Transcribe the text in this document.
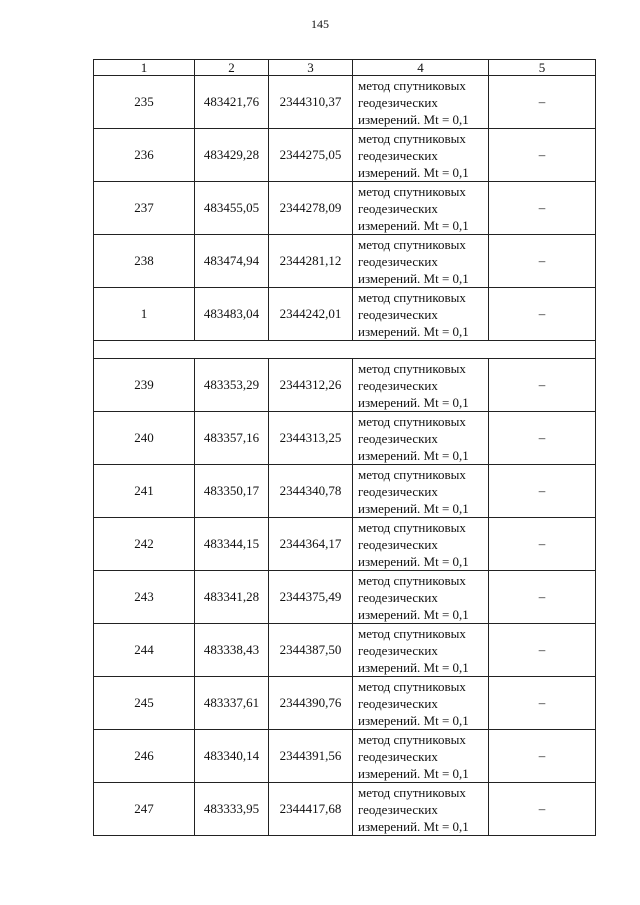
145
1	2	3	4	5
235	483421,76	2344310,37	метод спутниковых
геодезических
измерений. Mt = 0,1	–
236	483429,28	2344275,05	метод спутниковых
геодезических
измерений. Mt = 0,1	–
237	483455,05	2344278,09	метод спутниковых
геодезических
измерений. Mt = 0,1	–
238	483474,94	2344281,12	метод спутниковых
геодезических
измерений. Mt = 0,1	–
1	483483,04	2344242,01	метод спутниковых
геодезических
измерений. Mt = 0,1	–

239	483353,29	2344312,26	метод спутниковых
геодезических
измерений. Mt = 0,1	–
240	483357,16	2344313,25	метод спутниковых
геодезических
измерений. Mt = 0,1	–
241	483350,17	2344340,78	метод спутниковых
геодезических
измерений. Mt = 0,1	–
242	483344,15	2344364,17	метод спутниковых
геодезических
измерений. Mt = 0,1	–
243	483341,28	2344375,49	метод спутниковых
геодезических
измерений. Mt = 0,1	–
244	483338,43	2344387,50	метод спутниковых
геодезических
измерений. Mt = 0,1	–
245	483337,61	2344390,76	метод спутниковых
геодезических
измерений. Mt = 0,1	–
246	483340,14	2344391,56	метод спутниковых
геодезических
измерений. Mt = 0,1	–
247	483333,95	2344417,68	метод спутниковых
геодезических
измерений. Mt = 0,1	–
